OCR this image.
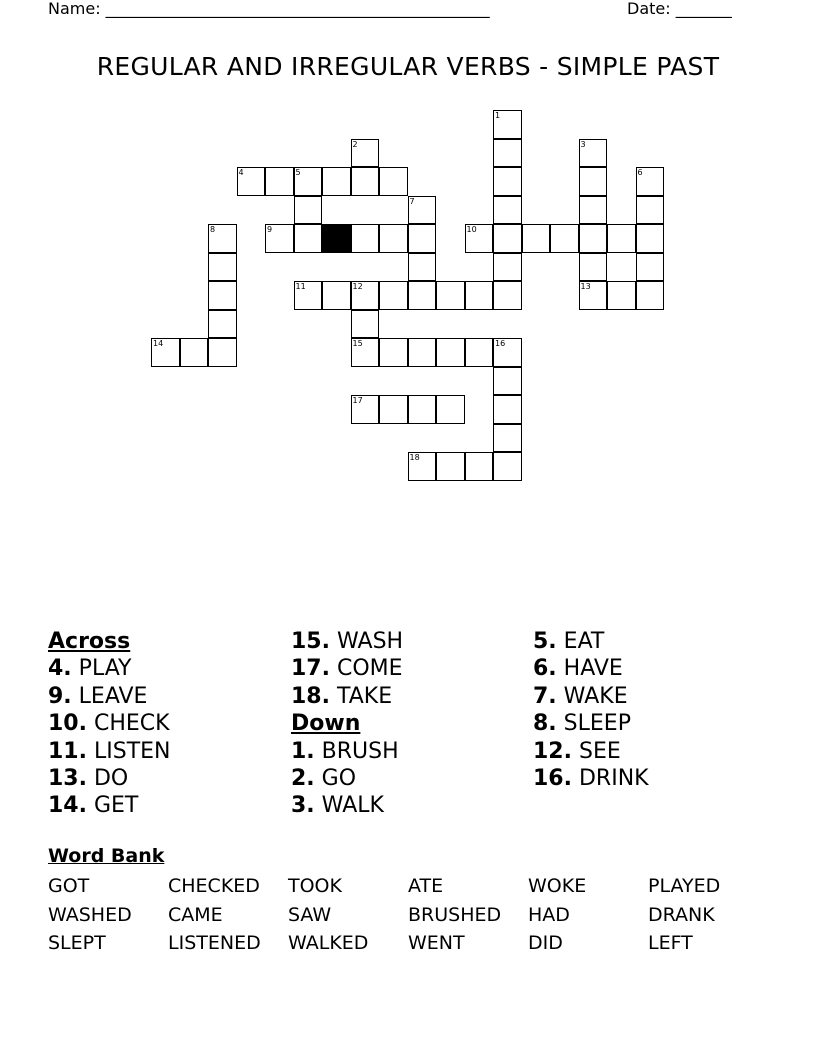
Name: ________________________________________________	Date: _______
REGULAR AND IRREGULAR VERBS - SIMPLE PAST
1
2	3
13
4	5	6
7
8	9	10
11	12
15
14	16
17
18
Across
4. PLAY
9. LEAVE
10. CHECK
11. LISTEN
13. DO
14. GET
15. WASH
17. COME
18. TAKE
Down
1. BRUSH
2. GO
3. WALK
5. EAT
6. HAVE
7. WAKE
8. SLEEP
12. SEE
16. DRINK
Word Bank
GOT	CHECKED	TOOK	ATE	WOKE	PLAYED
WASHED	CAME	SAW	BRUSHED	HAD	DRANK
SLEPT	LISTENED	WALKED	WENT	DID	LEFT
